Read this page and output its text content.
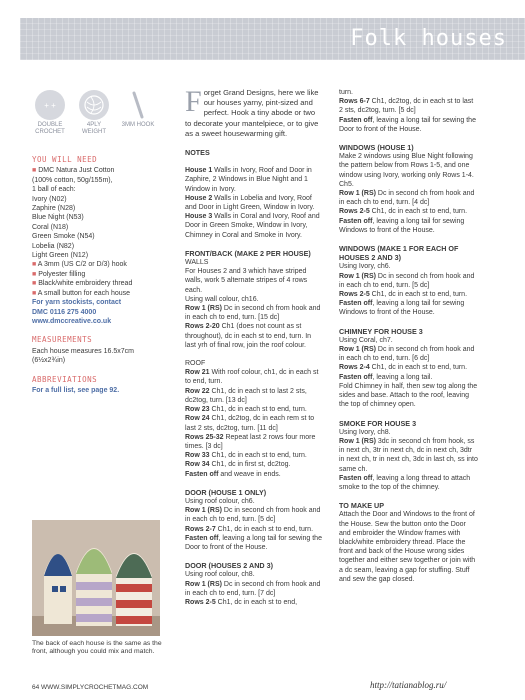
Folk houses
+ +
DOUBLE CROCHET
4PLY WEIGHT
3MM HOOK
YOU WILL NEED
■ DMC Natura Just Cotton
(100% cotton, 50g/155m),
1 ball of each:
Ivory (N02)
Zaphire (N28)
Blue Night (N53)
Coral (N18)
Green Smoke (N54)
Lobelia (N82)
Light Green (N12)
■ A 3mm (US C/2 or D/3) hook
■ Polyester filling
■ Black/white embroidery thread
■ A small button for each house
For yarn stockists, contact
DMC 0116 275 4000
www.dmccreative.co.uk
MEASUREMENTS
Each house measures 16.5x7cm (6½x2¾in)
ABBREVIATIONS
For a full list, see page 92.
The back of each house is the same as the front, although you could mix and match.
F orget Grand Designs, here we like our houses yarny, pint-sized and perfect. Hook a tiny abode or two to decorate your mantelpiece, or to give as a sweet housewarming gift.
NOTES
House 1 Walls in Ivory, Roof and Door in Zaphire, 2 Windows in Blue Night and 1 Window in Ivory.
House 2 Walls in Lobelia and Ivory, Roof and Door in Light Green, Window in Ivory.
House 3 Walls in Coral and Ivory, Roof and Door in Green Smoke, Window in Ivory, Chimney in Coral and Smoke in Ivory.
FRONT/BACK (MAKE 2 PER HOUSE)
WALLS
For Houses 2 and 3 which have striped walls, work 5 alternate stripes of 4 rows each.
Using wall colour, ch16.
Row 1 (RS) Dc in second ch from hook and in each ch to end, turn. [15 dc]
Rows 2-20 Ch1 (does not count as st throughout), dc in each st to end, turn. In last yrh of final row, join the roof colour.
ROOF
Row 21 With roof colour, ch1, dc in each st to end, turn.
Row 22 Ch1, dc in each st to last 2 sts, dc2tog, turn. [13 dc]
Row 23 Ch1, dc in each st to end, turn.
Row 24 Ch1, dc2tog, dc in each rem st to last 2 sts, dc2tog, turn. [11 dc]
Rows 25-32 Repeat last 2 rows four more times. [3 dc]
Row 33 Ch1, dc in each st to end, turn.
Row 34 Ch1, dc in first st, dc2tog.
Fasten off and weave in ends.
DOOR (HOUSE 1 ONLY)
Using roof colour, ch6.
Row 1 (RS) Dc in second ch from hook and in each ch to end, turn. [5 dc]
Rows 2-7 Ch1, dc in each st to end, turn.
Fasten off, leaving a long tail for sewing the Door to front of the House.
DOOR (HOUSES 2 AND 3)
Using roof colour, ch8.
Row 1 (RS) Dc in second ch from hook and in each ch to end, turn. [7 dc]
Rows 2-5 Ch1, dc in each st to end,
turn.
Rows 6-7 Ch1, dc2tog, dc in each st to last 2 sts, dc2tog, turn. [5 dc]
Fasten off, leaving a long tail for sewing the Door to front of the House.
WINDOWS (HOUSE 1)
Make 2 windows using Blue Night following the pattern below from Rows 1-5, and one window using Ivory, working only Rows 1-4.
Ch5.
Row 1 (RS) Dc in second ch from hook and in each ch to end, turn. [4 dc]
Rows 2-5 Ch1, dc in each st to end, turn.
Fasten off, leaving a long tail for sewing Windows to front of the House.
WINDOWS (MAKE 1 FOR EACH OF HOUSES 2 AND 3)
Using Ivory, ch6.
Row 1 (RS) Dc in second ch from hook and in each ch to end, turn. [5 dc]
Rows 2-5 Ch1, dc in each st to end, turn.
Fasten off, leaving a long tail for sewing Windows to front of the House.
CHIMNEY FOR HOUSE 3
Using Coral, ch7.
Row 1 (RS) Dc in second ch from hook and in each ch to end, turn. [6 dc]
Rows 2-4 Ch1, dc in each st to end, turn.
Fasten off, leaving a long tail.
Fold Chimney in half, then sew tog along the sides and base. Attach to the roof, leaving the top of chimney open.
SMOKE FOR HOUSE 3
Using Ivory, ch8.
Row 1 (RS) 3dc in second ch from hook, ss in next ch, 3tr in next ch, dc in next ch, 3dtr in next ch, tr in next ch, 3dc in last ch, ss into same ch.
Fasten off, leaving a long thread to attach smoke to the top of the chimney.
TO MAKE UP
Attach the Door and Windows to the front of the House. Sew the button onto the Door and embroider the Window frames with black/white embroidery thread. Place the front and back of the House wrong sides together and either sew together or join with a dc seam, leaving a gap for stuffing. Stuff and sew the gap closed.
64 WWW.SIMPLYCROCHETMAG.COM	http://tatianablog.ru/
